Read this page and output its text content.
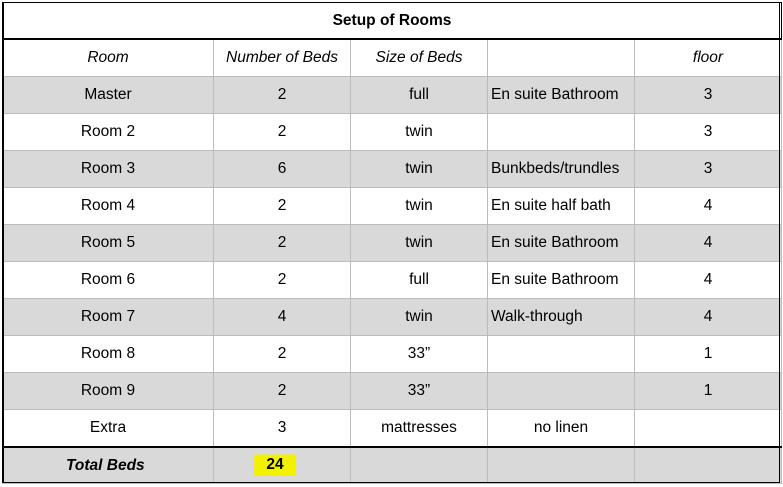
Setup of Rooms				
Room	Number of Beds	Size of Beds		floor
Master	2	full	En suite Bathroom	3
Room 2	2	twin		3
Room 3	6	twin	Bunkbeds/trundles	3
Room 4	2	twin	En suite half bath	4
Room 5	2	twin	En suite Bathroom	4
Room 6	2	full	En suite Bathroom	4
Room 7	4	twin	Walk-through	4
Room 8	2	33”		1
Room 9	2	33”		1
Extra	3	mattresses	no linen	
Total Beds	24			
